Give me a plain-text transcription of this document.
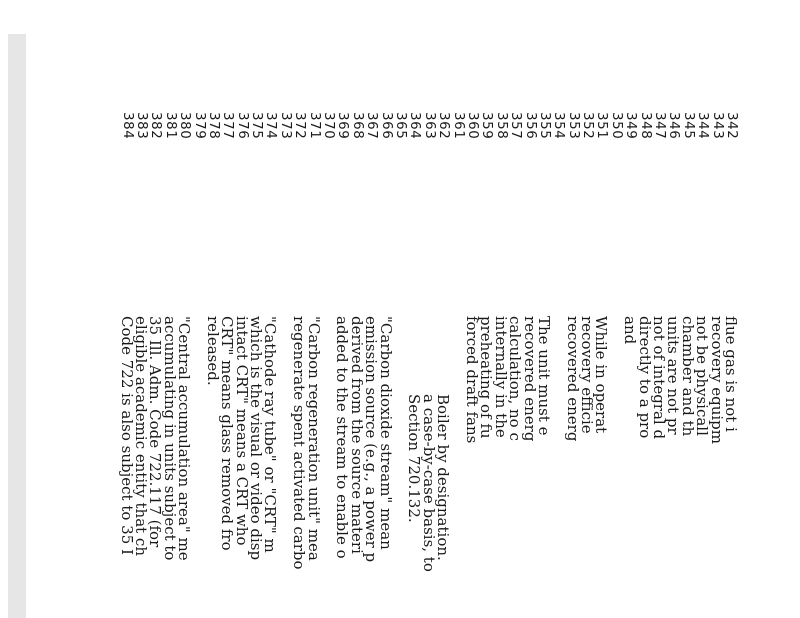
342
343
344
345
346
347
348
349
350
351
352
353
354
355
356
357
358
359
360
361
362
363
364
365
366
367
368
369
370
371
372
373
374
375
376
377
378
379
380
381
382
383
384
flue gas is not i
recovery equipm
not be physicall
chamber and th
units are not pr
not of integral d
directly to a pro
and
While in operat
recovery efficie
recovered energ
The unit must e
recovered energ
calculation, no c
internally in the
preheating of fu
forced draft fans
Boiler by designation.
a case-by-case basis, to
Section 720.132.
"Carbon dioxide stream" mean
emission source (e.g., a power p
derived from the source materi
added to the stream to enable o
"Carbon regeneration unit" mea
regenerate spent activated carbo
"Cathode ray tube" or "CRT" m
which is the visual or video disp
intact CRT" means a CRT who
CRT" means glass removed fro
released.
"Central accumulation area" me
accumulating in units subject to
35 Ill. Adm. Code 722.117 (for
eligible academic entity that ch
Code 722 is also subject to 35 I
